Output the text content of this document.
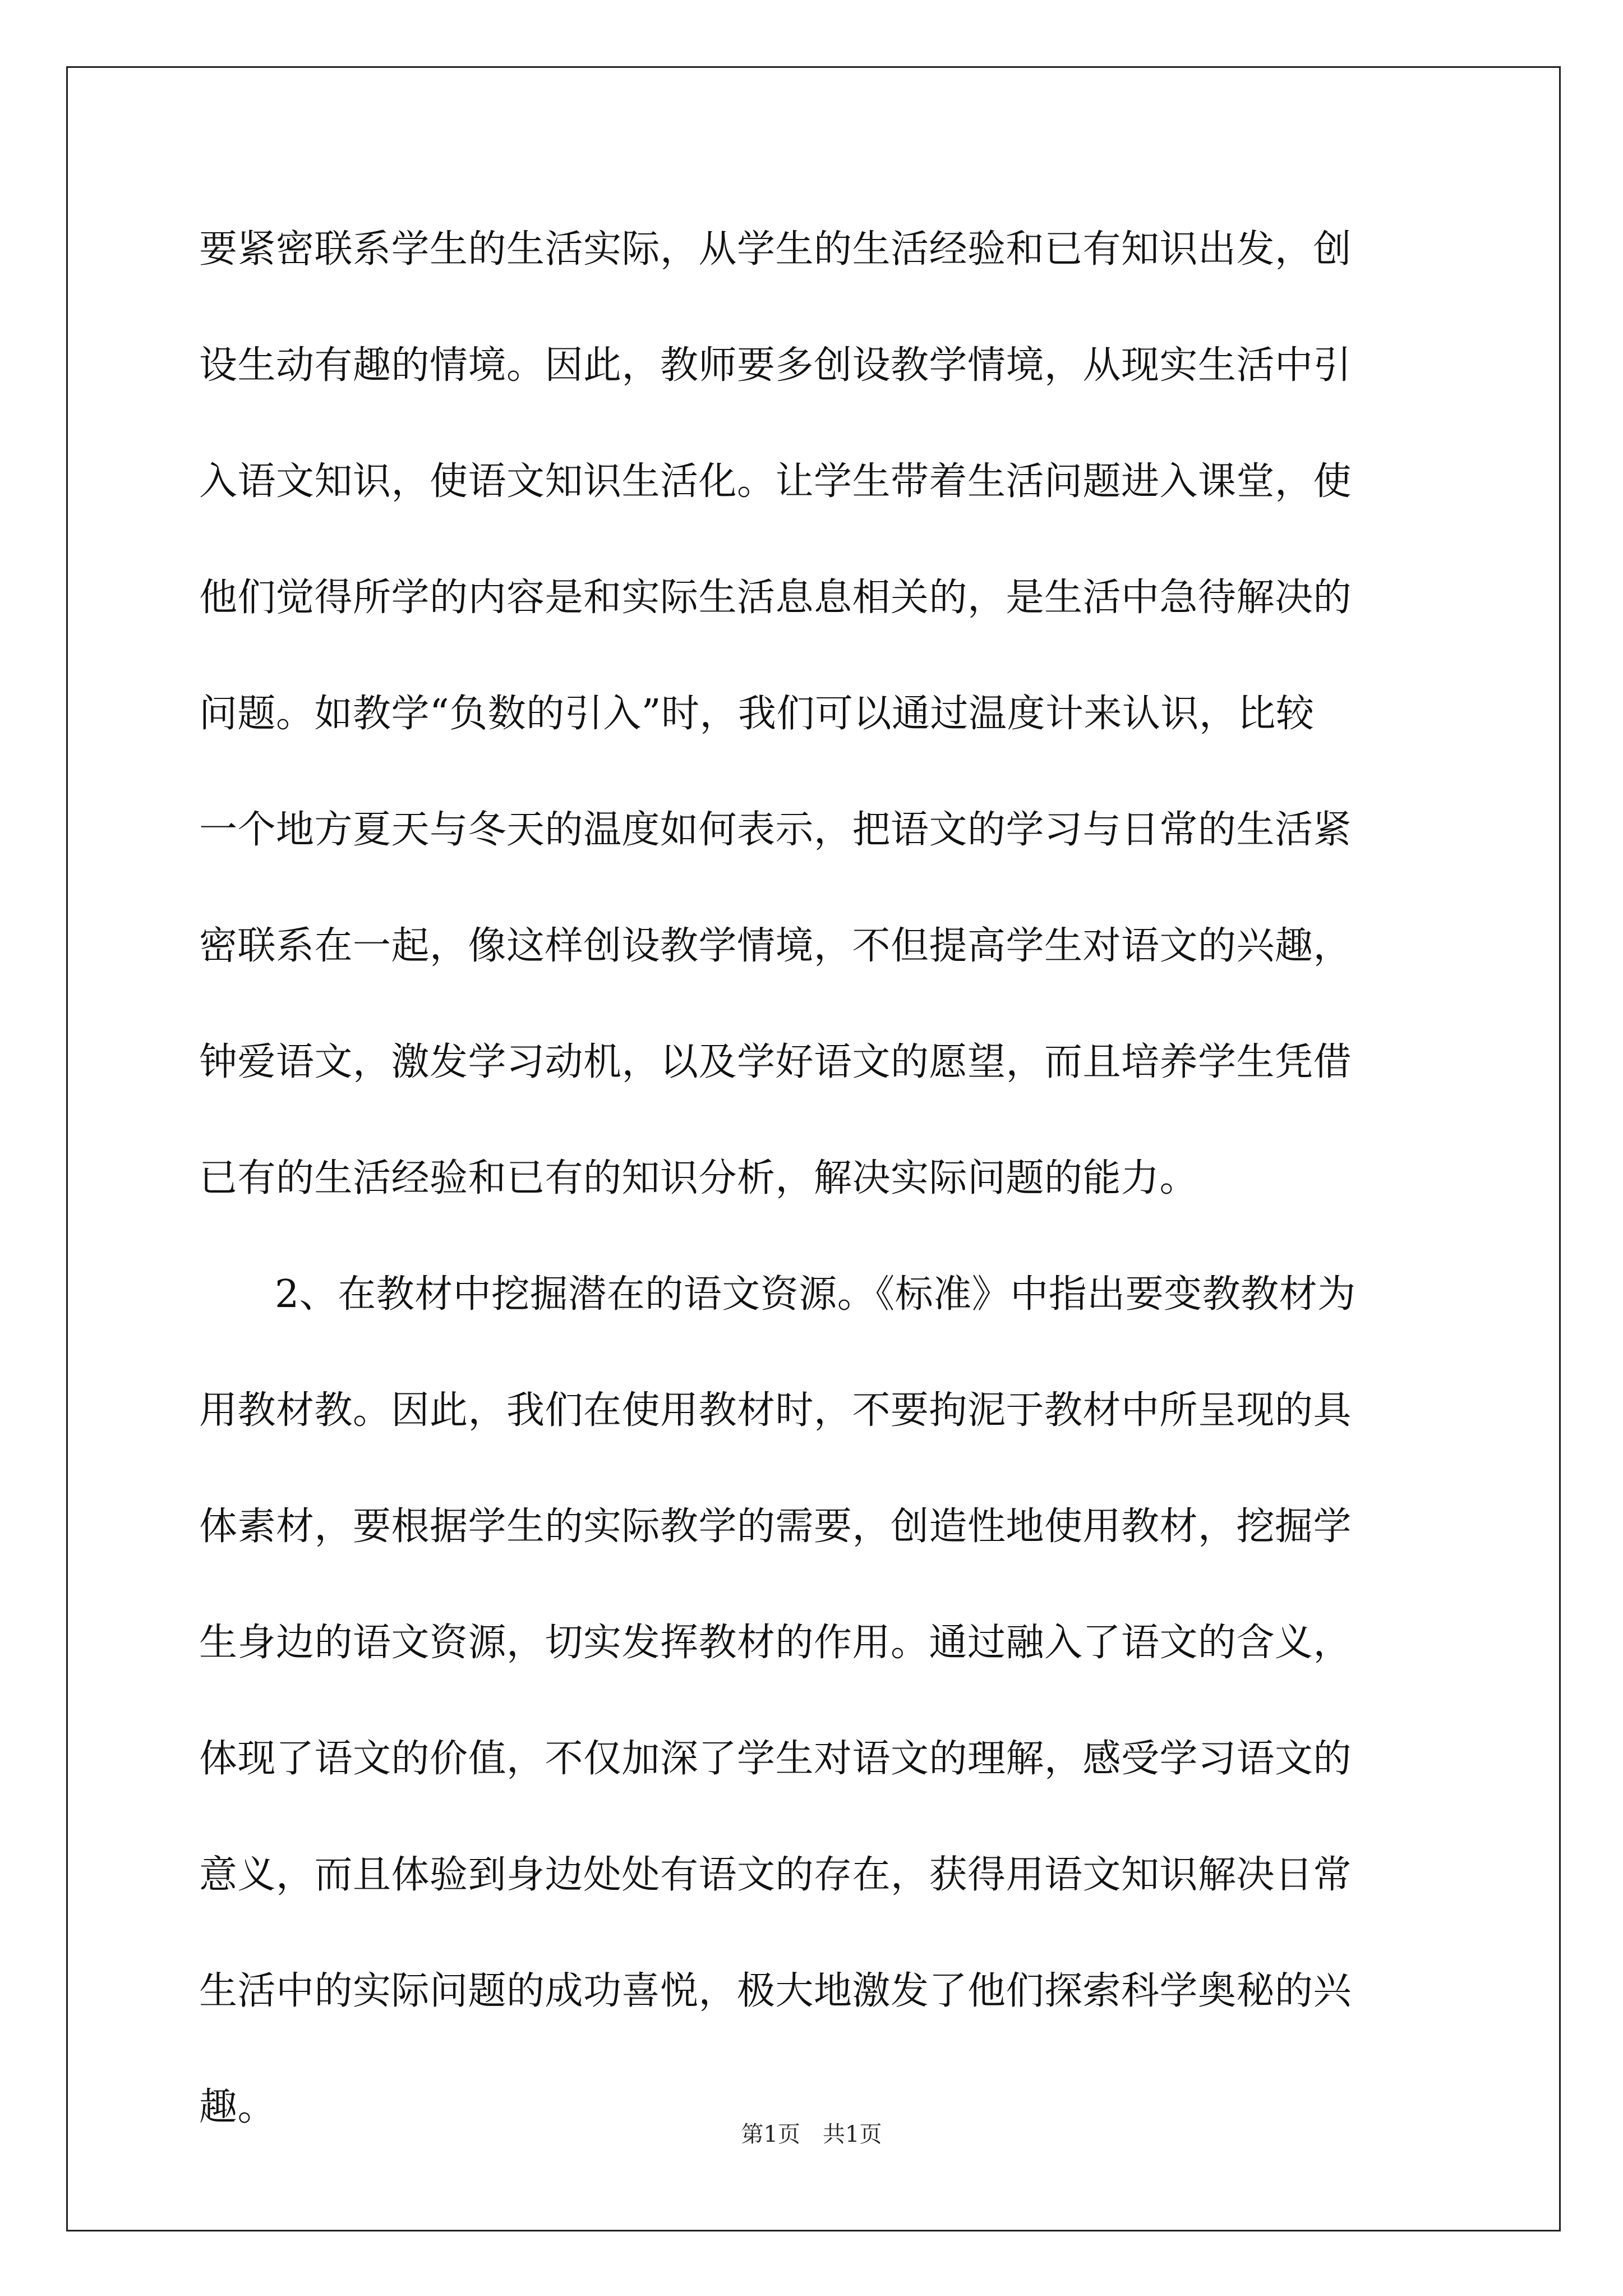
要紧密联系学生的生活实际，从学生的生活经验和已有知识出发，创
设生动有趣的情境。因此，教师要多创设教学情境，从现实生活中引
入语文知识，使语文知识生活化。让学生带着生活问题进入课堂，使
他们觉得所学的内容是和实际生活息息相关的，是生活中急待解决的
问题。如教学“负数的引入”时，我们可以通过温度计来认识，比较
一个地方夏天与冬天的温度如何表示，把语文的学习与日常的生活紧
密联系在一起，像这样创设教学情境，不但提高学生对语文的兴趣，
钟爱语文，激发学习动机，以及学好语文的愿望，而且培养学生凭借
已有的生活经验和已有的知识分析，解决实际问题的能力。
2、在教材中挖掘潜在的语文资源。《标准》中指出要变教教材为
用教材教。因此，我们在使用教材时，不要拘泥于教材中所呈现的具
体素材，要根据学生的实际教学的需要，创造性地使用教材，挖掘学
生身边的语文资源，切实发挥教材的作用。通过融入了语文的含义，
体现了语文的价值，不仅加深了学生对语文的理解，感受学习语文的
意义，而且体验到身边处处有语文的存在，获得用语文知识解决日常
生活中的实际问题的成功喜悦，极大地激发了他们探索科学奥秘的兴
趣。
第1页　共1页
